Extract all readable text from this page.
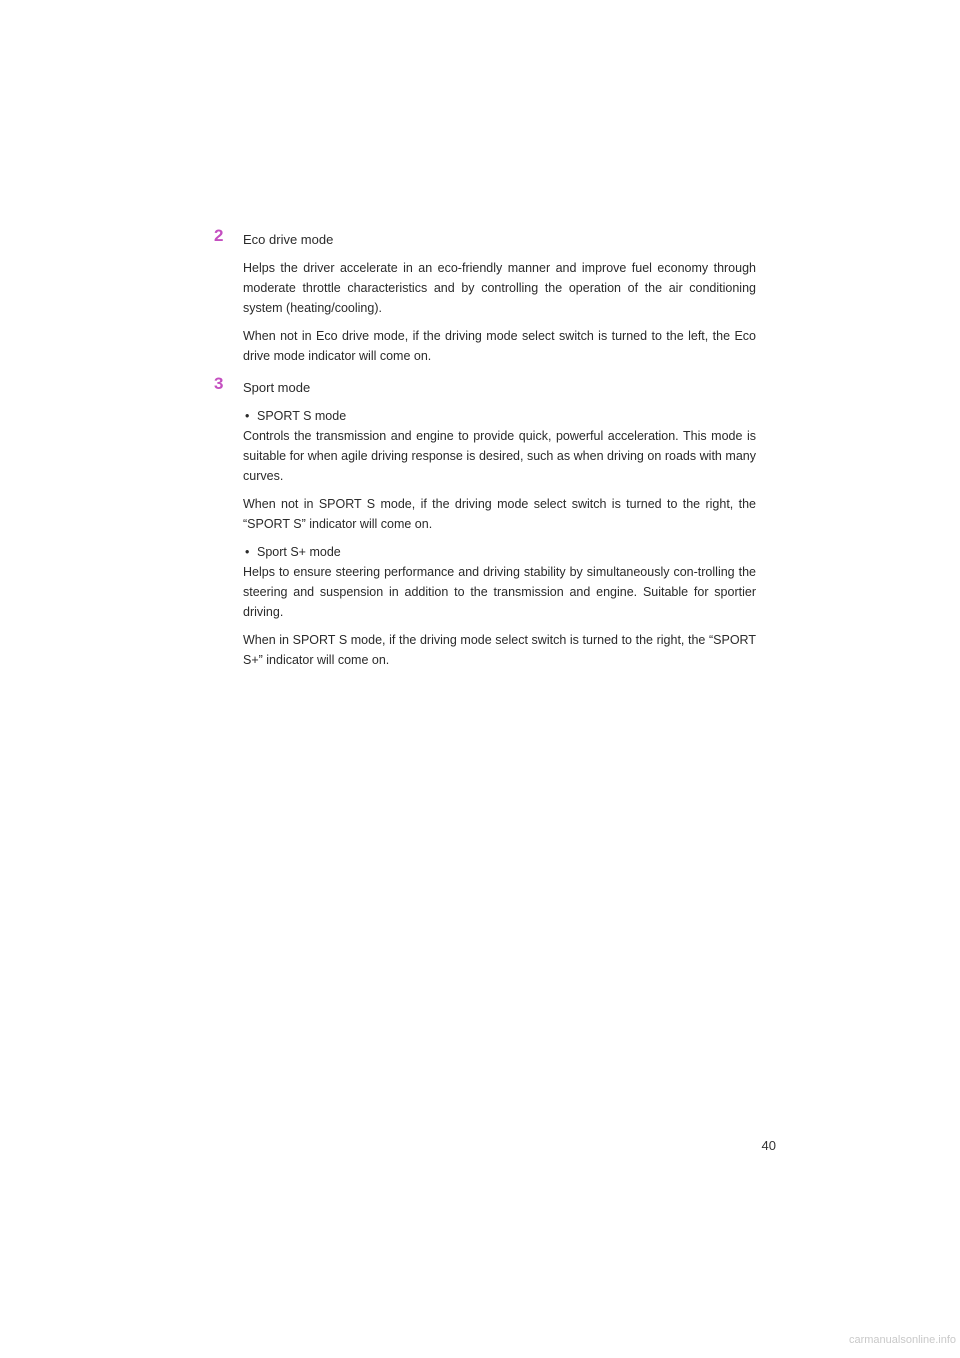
2 Eco drive mode

Helps the driver accelerate in an eco-friendly manner and improve fuel economy through moderate throttle characteristics and by controlling the operation of the air conditioning system (heating/cooling).

When not in Eco drive mode, if the driving mode select switch is turned to the left, the Eco drive mode indicator will come on.

3 Sport mode

• SPORT S mode

Controls the transmission and engine to provide quick, powerful acceleration. This mode is suitable for when agile driving response is desired, such as when driving on roads with many curves.

When not in SPORT S mode, if the driving mode select switch is turned to the right, the “SPORT S” indicator will come on.

• Sport S+ mode

Helps to ensure steering performance and driving stability by simultaneously con-trolling the steering and suspension in addition to the transmission and engine. Suitable for sportier driving.

When in SPORT S mode, if the driving mode select switch is turned to the right, the “SPORT S+” indicator will come on.

40
carmanualsonline.info
